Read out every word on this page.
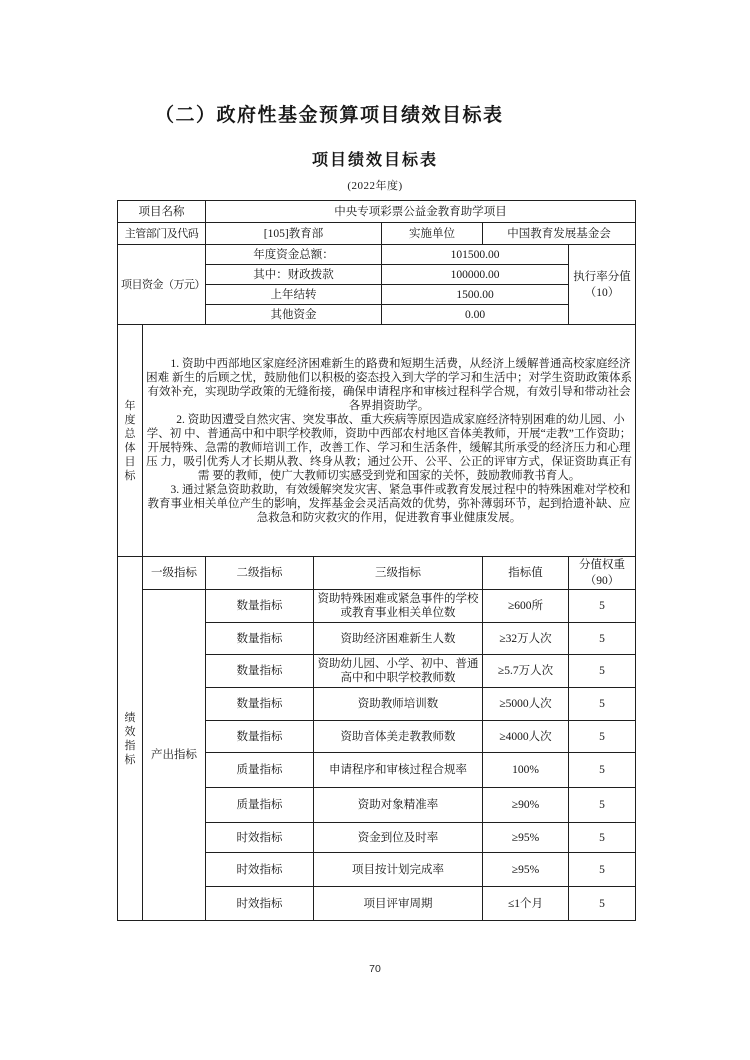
（二）政府性基金预算项目绩效目标表
项目绩效目标表
(2022年度)
项目名称		中央专项彩票公益金教育助学项目				
主管部门及代码		[105]教育部		实施单位	中国教育发展基金会	
项目资金（万元）		年度资金总额：		101500.00		执行率分值
（10）

		其中：财政拨款		100000.00		
		上年结转		1500.00		
		其他资金		0.00		
年度总体目标	1. 资助中西部地区家庭经济困难新生的路费和短期生活费，从经济上缓解普通高校家庭经济困难 新生的后顾之忧，鼓励他们以积极的姿态投入到大学的学习和生活中；对学生资助政策体系有效补充，实现助学政策的无缝衔接，确保申请程序和审核过程科学合规，有效引导和带动社会各界捐资助学。

2. 资助因遭受自然灾害、突发事故、重大疾病等原因造成家庭经济特别困难的幼儿园、小学、初 中、普通高中和中职学校教师，资助中西部农村地区音体美教师，开展“走教”工作资助；开展特殊、急需的教师培训工作，改善工作、学习和生活条件，缓解其所承受的经济压力和心理压 力，吸引优秀人才长期从教、终身从教；通过公开、公平、公正的评审方式，保证资助真正有需 要的教师，使广大教师切实感受到党和国家的关怀，鼓励教师教书育人。

3. 通过紧急资助救助，有效缓解突发灾害、紧急事件或教育发展过程中的特殊困难对学校和教育事业相关单位产生的影响，发挥基金会灵活高效的优势，弥补薄弱环节，起到拾遗补缺、应急救急和防灾救灾的作用，促进教育事业健康发展。					

绩效指标	一级指标	二级指标	三级指标		指标值	分值权重
（90）

	产出指标	数量指标	资助特殊困难或紧急事件的学校或教育事业相关单位数		≥600所	5
		数量指标	资助经济困难新生人数		≥32万人次	5
		数量指标	资助幼儿园、小学、初中、普通高中和中职学校教师数		≥5.7万人次	5
		数量指标	资助教师培训数		≥5000人次	5
		数量指标	资助音体美走教教师数		≥4000人次	5
		质量指标	申请程序和审核过程合规率		100%	5
		质量指标	资助对象精准率		≥90%	5
		时效指标	资金到位及时率		≥95%	5
		时效指标	项目按计划完成率		≥95%	5
		时效指标	项目评审周期		≤1个月	5
70
